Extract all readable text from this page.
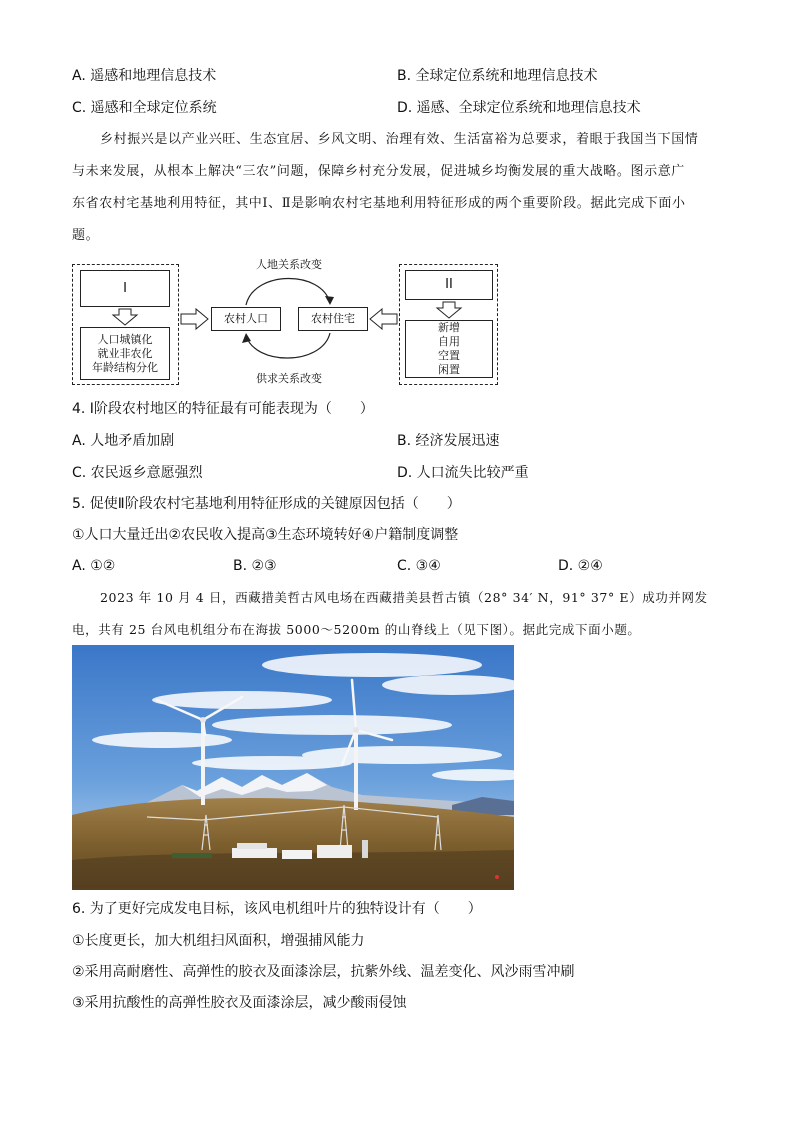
A. 遥感和地理信息技术	B. 全球定位系统和地理信息技术
C. 遥感和全球定位系统	D. 遥感、全球定位系统和地理信息技术
乡村振兴是以产业兴旺、生态宜居、乡风文明、治理有效、生活富裕为总要求，着眼于我国当下国情
与未来发展，从根本上解决“三农”问题，保障乡村充分发展，促进城乡均衡发展的重大战略。图示意广
东省农村宅基地利用特征，其中Ⅰ、Ⅱ是影响农村宅基地利用特征形成的两个重要阶段。据此完成下面小
题。
I
人口城镇化
就业非农化
年龄结构分化
农村人口	农村住宅
人地关系改变
供求关系改变
II
新增
自用
空置
闲置
4. Ⅰ阶段农村地区的特征最有可能表现为（　　）
A. 人地矛盾加剧	B. 经济发展迅速
C. 农民返乡意愿强烈	D. 人口流失比较严重
5. 促使Ⅱ阶段农村宅基地利用特征形成的关键原因包括（　　）
①人口大量迁出②农民收入提高③生态环境转好④户籍制度调整
A. ①②	B. ②③	C. ③④	D. ②④
2023 年 10 月 4 日，西藏措美哲古风电场在西藏措美县哲古镇（28° 34′ N，91° 37° E）成功并网发
电，共有 25 台风电机组分布在海拔 5000～5200m 的山脊线上（见下图）。据此完成下面小题。
6. 为了更好完成发电目标，该风电机组叶片的独特设计有（　　）
①长度更长，加大机组扫风面积，增强捕风能力
②采用高耐磨性、高弹性的胶衣及面漆涂层，抗紫外线、温差变化、风沙雨雪冲刷
③采用抗酸性的高弹性胶衣及面漆涂层，减少酸雨侵蚀
